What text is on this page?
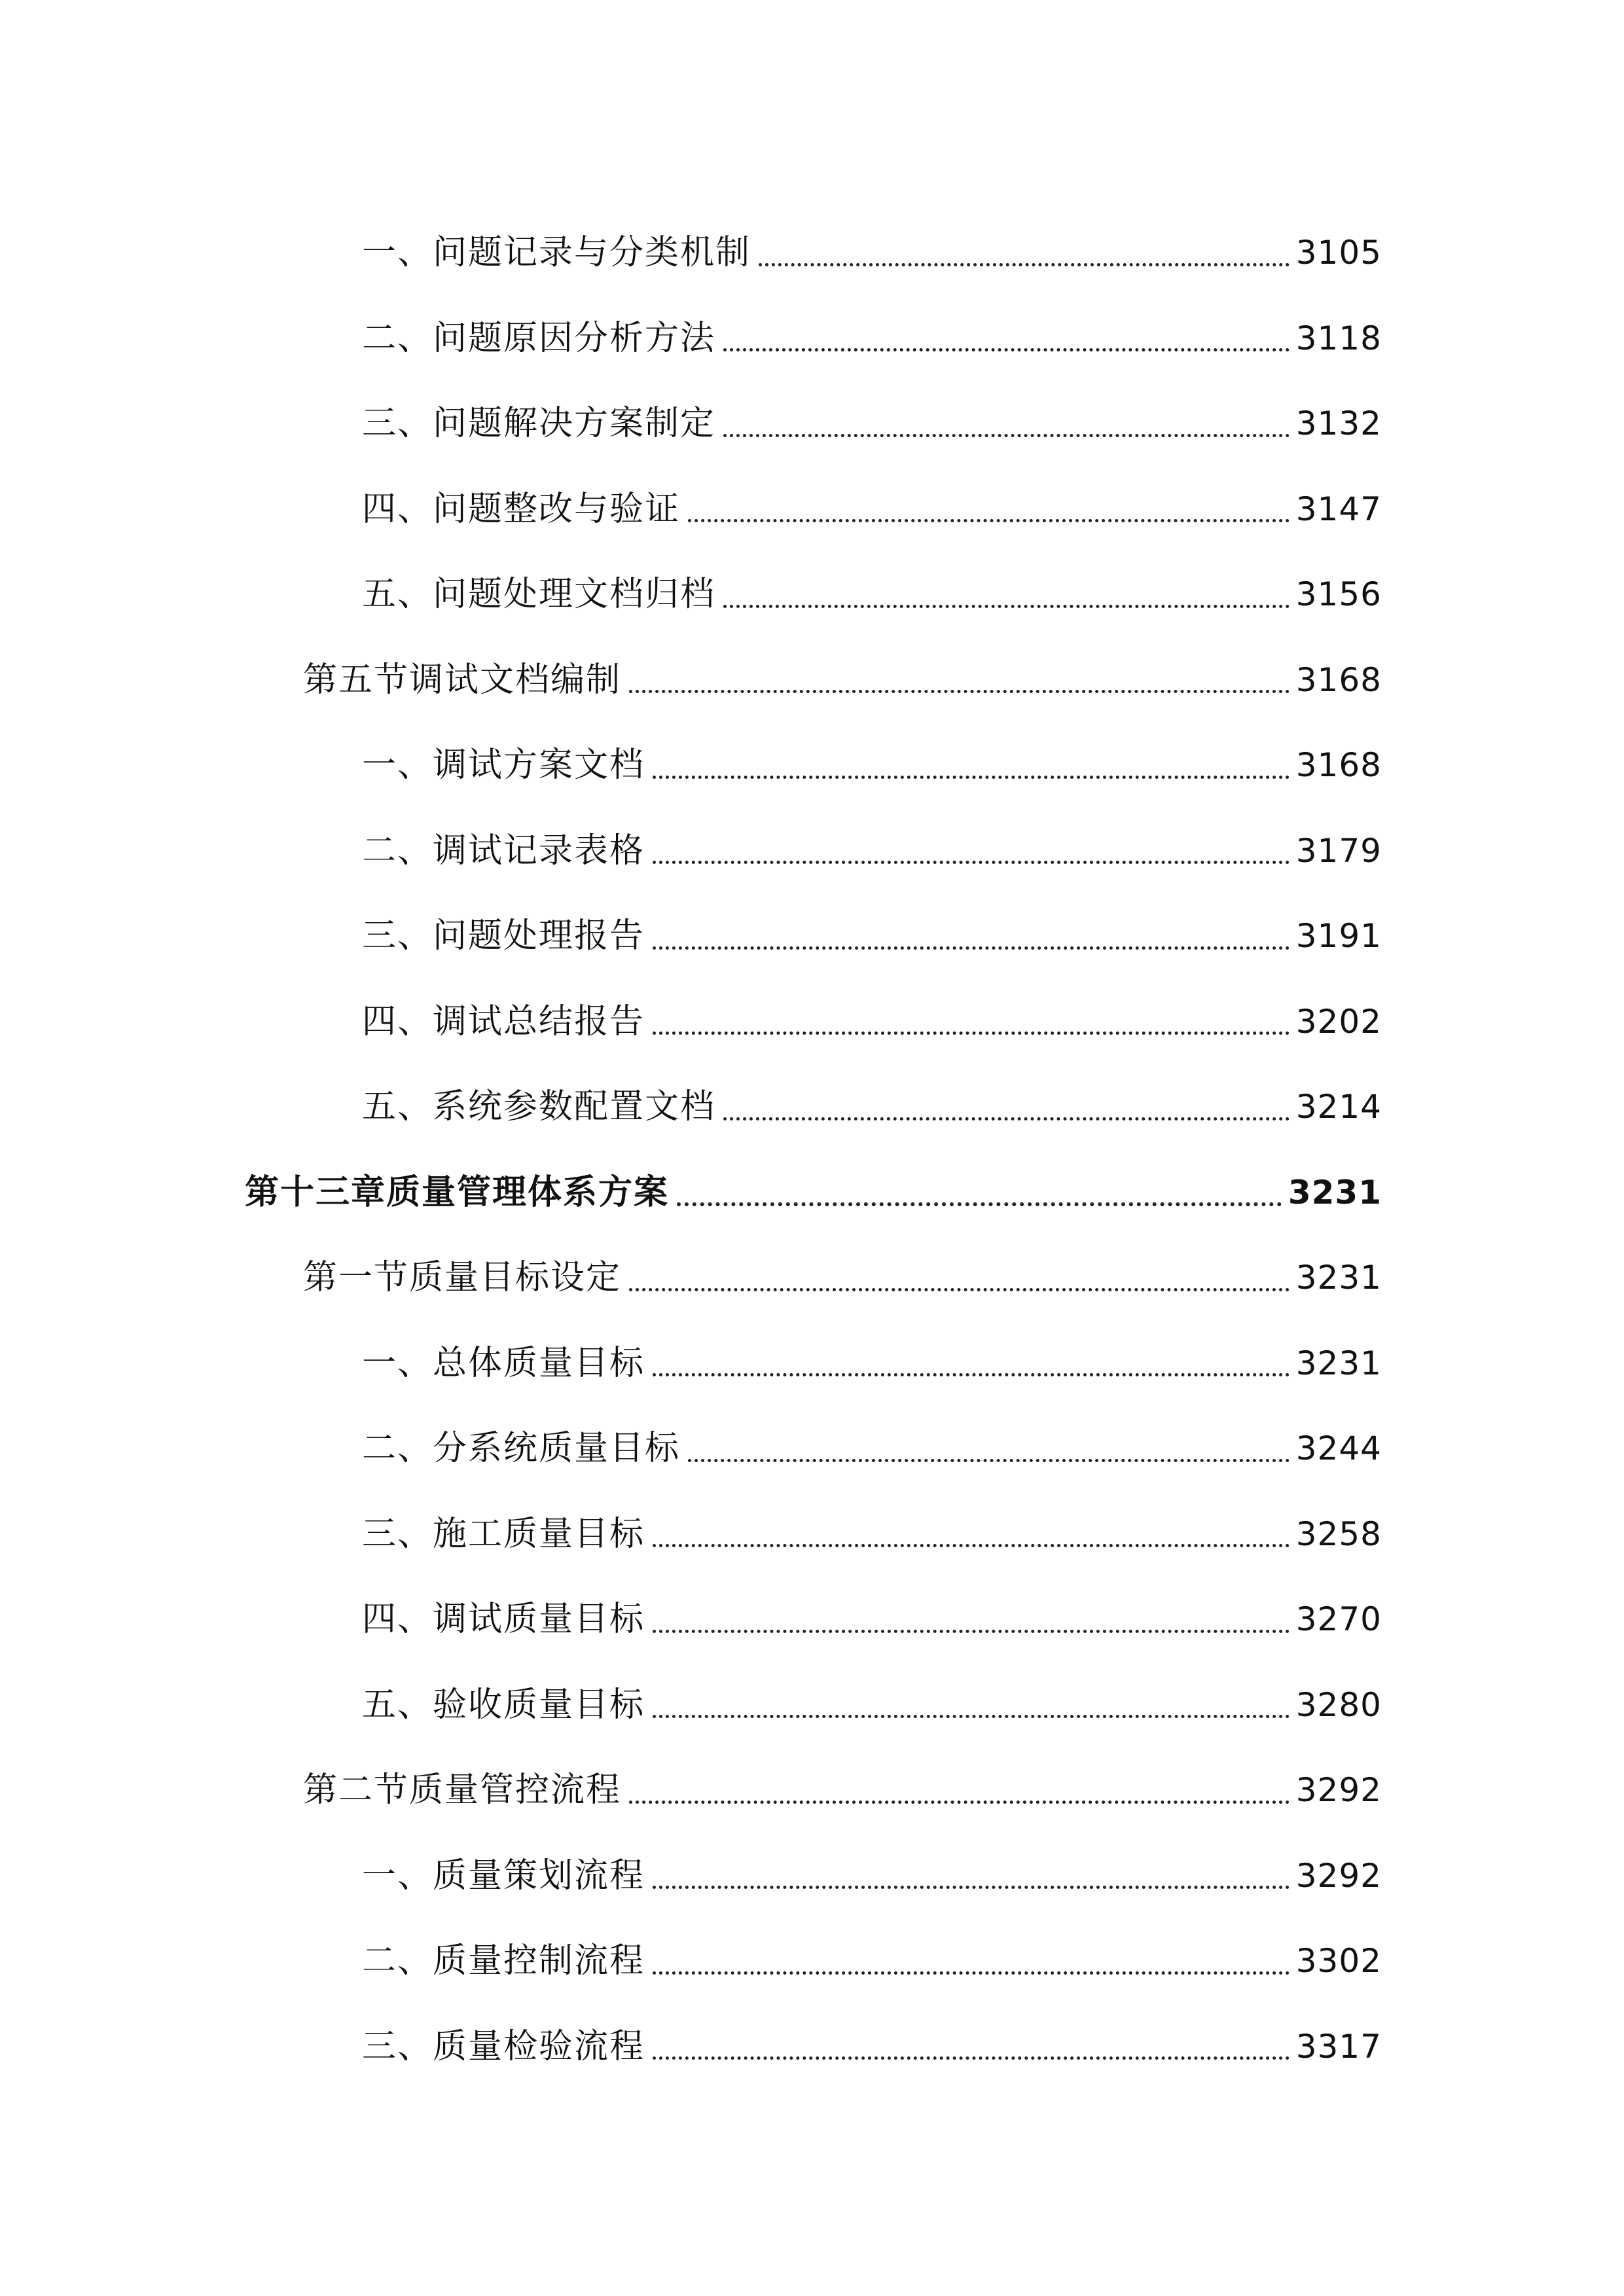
一、问题记录与分类机制	3105
二、问题原因分析方法	3118
三、问题解决方案制定	3132
四、问题整改与验证	3147
五、问题处理文档归档	3156
第五节调试文档编制	3168
一、调试方案文档	3168
二、调试记录表格	3179
三、问题处理报告	3191
四、调试总结报告	3202
五、系统参数配置文档	3214
第十三章质量管理体系方案	3231
第一节质量目标设定	3231
一、总体质量目标	3231
二、分系统质量目标	3244
三、施工质量目标	3258
四、调试质量目标	3270
五、验收质量目标	3280
第二节质量管控流程	3292
一、质量策划流程	3292
二、质量控制流程	3302
三、质量检验流程	3317
